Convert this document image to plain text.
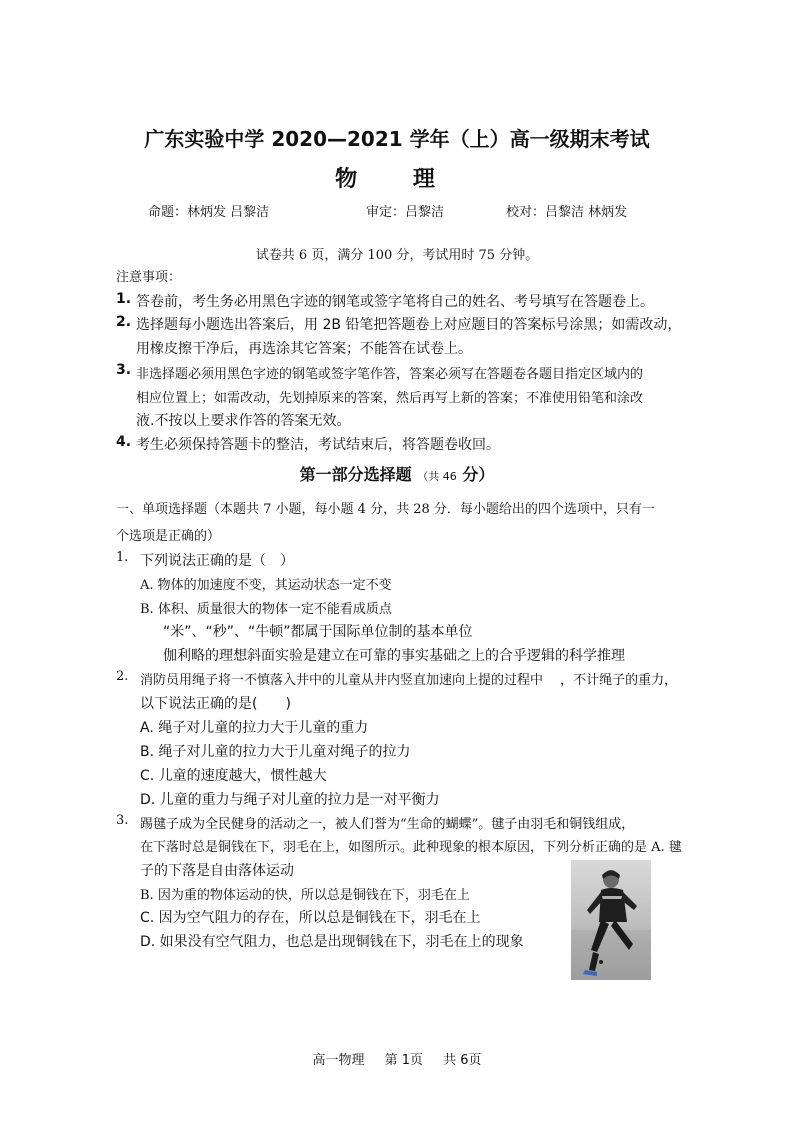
广东实验中学 2020—2021 学年（上）高一级期末考试
物 理
命题：林炳发 吕黎洁	审定：吕黎洁	校对：吕黎洁 林炳发
试卷共 6 页，满分 100 分，考试用时 75 分钟。
注意事项：
1. 答卷前，考生务必用黑色字迹的钢笔或签字笔将自己的姓名、考号填写在答题卷上。
2. 选择题每小题选出答案后，用 2B 铅笔把答题卷上对应题目的答案标号涂黑；如需改动，
用橡皮擦干净后，再选涂其它答案；不能答在试卷上。
3. 非选择题必须用黑色字迹的钢笔或签字笔作答，答案必须写在答题卷各题目指定区域内的
相应位置上；如需改动，先划掉原来的答案，然后再写上新的答案；不准使用铅笔和涂改
液.不按以上要求作答的答案无效。
4. 考生必须保持答题卡的整洁，考试结束后，将答题卷收回。
第一部分选择题 （共 46 分）
一、单项选择题（本题共 7 小题，每小题 4 分，共 28 分．每小题给出的四个选项中，只有一
个选项是正确的）
1. 下列说法正确的是（　）
A. 物体的加速度不变，其运动状态一定不变
B. 体积、质量很大的物体一定不能看成质点
“米”、“秒”、“牛顿”都属于国际单位制的基本单位
伽利略的理想斜面实验是建立在可靠的事实基础之上的合乎逻辑的科学推理
2. 消防员用绳子将一不慎落入井中的儿童从井内竖直加速向上提的过程中　 ，不计绳子的重力，
以下说法正确的是(　　)
A. 绳子对儿童的拉力大于儿童的重力
B. 绳子对儿童的拉力大于儿童对绳子的拉力
C. 儿童的速度越大，惯性越大
D. 儿童的重力与绳子对儿童的拉力是一对平衡力
3. 踢毽子成为全民健身的活动之一，被人们誉为“生命的蝴蝶”。毽子由羽毛和铜钱组成，
在下落时总是铜钱在下，羽毛在上，如图所示。此种现象的根本原因，下列分析正确的是 A. 毽
子的下落是自由落体运动
B. 因为重的物体运动的快，所以总是铜钱在下，羽毛在上
C. 因为空气阻力的存在，所以总是铜钱在下，羽毛在上
D. 如果没有空气阻力，也总是出现铜钱在下，羽毛在上的现象
高一物理 第 1页 共 6页
